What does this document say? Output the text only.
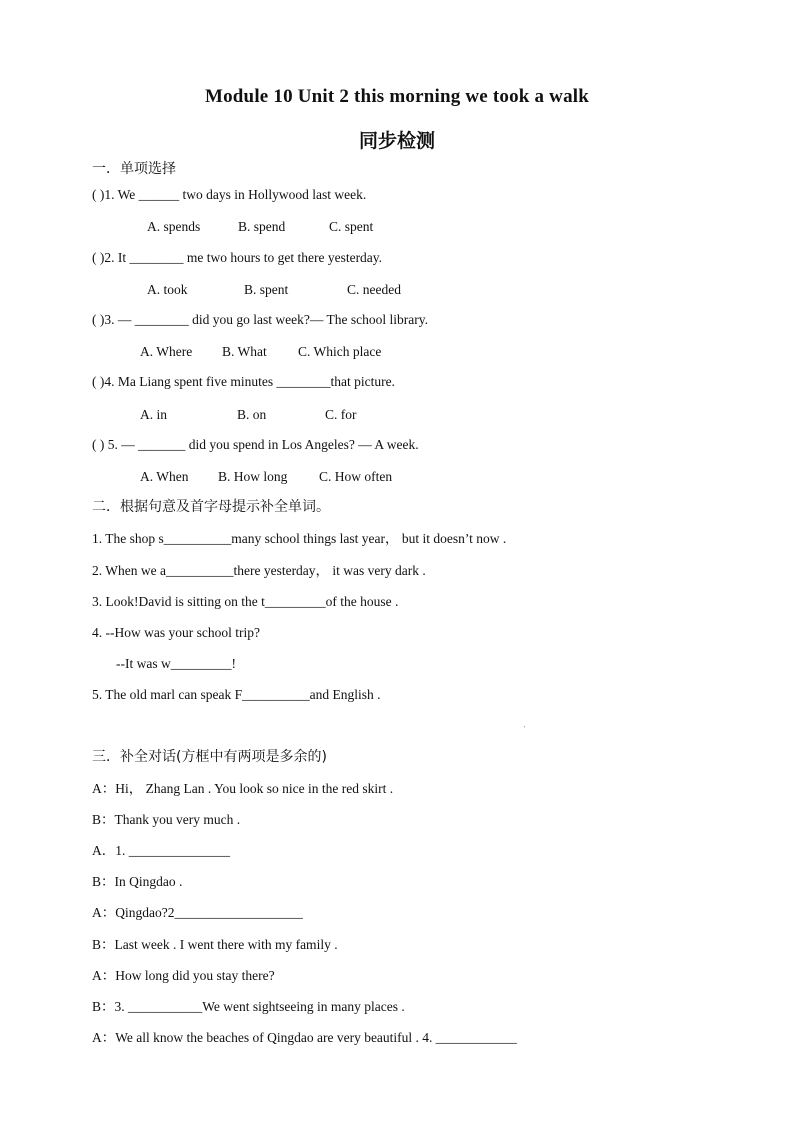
Module 10 Unit 2 this morning we took a walk
同步检测
一．单项选择
( )1. We ______ two days in Hollywood last week.
A. spends	B. spend	C. spent
( )2. It ________ me two hours to get there yesterday.
A. took	B. spent	C. needed
( )3. — ________ did you go last week?— The school library.
A. Where B. What C. Which place
( )4. Ma Liang spent five minutes ________that picture.
A. in	B. on	C. for
( ) 5. — _______ did you spend in Los Angeles? — A week.
A. When B. How long C. How often
二．根据句意及首字母提示补全单词。
1. The shop s__________many school things last year， but it doesn’t now .
2. When we a__________there yesterday， it was very dark .
3. Look!David is sitting on the t_________of the house .
4. --How was your school trip?
--It was w_________!
5. The old marl can speak F__________and English .
'
三．补全对话(方框中有两项是多余的)
A：Hi， Zhang Lan . You look so nice in the red skirt .
B：Thank you very much .
A．1. _______________
B：In Qingdao .
A：Qingdao?2___________________
B：Last week . I went there with my family .
A：How long did you stay there?
B：3. ___________We went sightseeing in many places .
A：We all know the beaches of Qingdao are very beautiful . 4. ____________
